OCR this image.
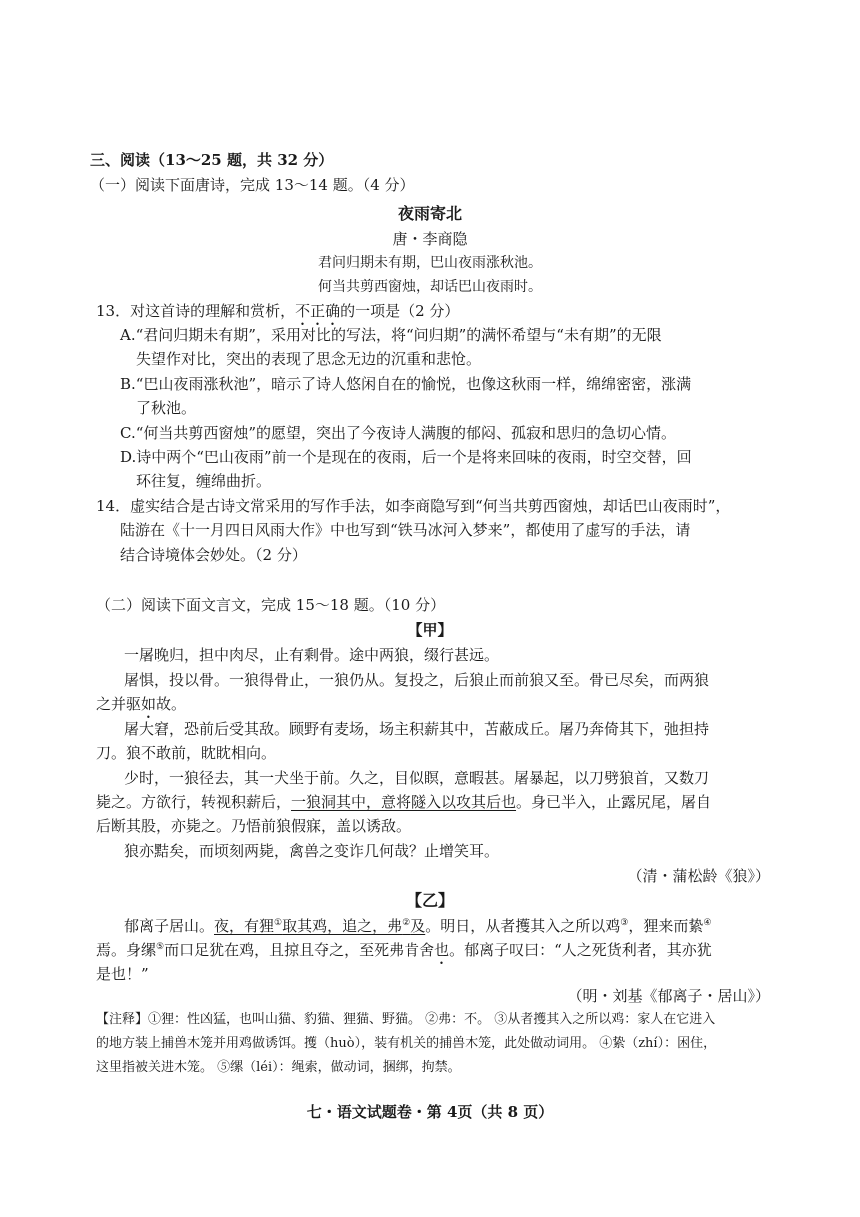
三、阅读（13～25 题，共 32 分）
（一）阅读下面唐诗，完成 13～14 题。（4 分）
夜雨寄北
唐・李商隐
君问归期未有期，巴山夜雨涨秋池。
何当共剪西窗烛，却话巴山夜雨时。
13．对这首诗的理解和赏析，不正确的一项是（2 分）
A.“君问归期未有期”，采用对比的写法，将“问归期”的满怀希望与“未有期”的无限
失望作对比，突出的表现了思念无边的沉重和悲怆。
B.“巴山夜雨涨秋池”，暗示了诗人悠闲自在的愉悦，也像这秋雨一样，绵绵密密，涨满
了秋池。
C.“何当共剪西窗烛”的愿望，突出了今夜诗人满腹的郁闷、孤寂和思归的急切心情。
D.诗中两个“巴山夜雨”前一个是现在的夜雨，后一个是将来回味的夜雨，时空交替，回
环往复，缠绵曲折。
14．虚实结合是古诗文常采用的写作手法，如李商隐写到“何当共剪西窗烛，却话巴山夜雨时”，
陆游在《十一月四日风雨大作》中也写到“铁马冰河入梦来”，都使用了虚写的手法，请
结合诗境体会妙处。（2 分）
（二）阅读下面文言文，完成 15～18 题。（10 分）
【甲】
一屠晚归，担中肉尽，止有剩骨。途中两狼，缀行甚远。
屠惧，投以骨。一狼得骨止，一狼仍从。复投之，后狼止而前狼又至。骨已尽矣，而两狼
之并驱如故。
屠大窘，恐前后受其敌。顾野有麦场，场主积薪其中，苫蔽成丘。屠乃奔倚其下，弛担持
刀。狼不敢前，眈眈相向。
少时，一狼径去，其一犬坐于前。久之，目似瞑，意暇甚。屠暴起，以刀劈狼首，又数刀
毙之。方欲行，转视积薪后，一狼洞其中，意将隧入以攻其后也。身已半入，止露尻尾，屠自
后断其股，亦毙之。乃悟前狼假寐，盖以诱敌。
狼亦黠矣，而顷刻两毙，禽兽之变诈几何哉？止增笑耳。
（清・蒲松龄《狼》）
【乙】
郁离子居山。夜，有狸①取其鸡，追之，弗②及。明日，从者擭其入之所以鸡③，狸来而絷④
焉。身缧⑤而口足犹在鸡，且掠且夺之，至死弗肯舍也。郁离子叹曰：“人之死货利者，其亦犹
是也！”
（明・刘基《郁离子・居山》）
【注释】①狸：性凶猛，也叫山猫、豹猫、狸猫、野猫。 ②弗：不。 ③从者擭其入之所以鸡：家人在它进入
的地方装上捕兽木笼并用鸡做诱饵。擭（huò），装有机关的捕兽木笼，此处做动词用。 ④絷（zhí）：困住，
这里指被关进木笼。 ⑤缧（léi）：绳索，做动词，捆绑，拘禁。
七・语文试题卷・第 4页（共 8 页）
